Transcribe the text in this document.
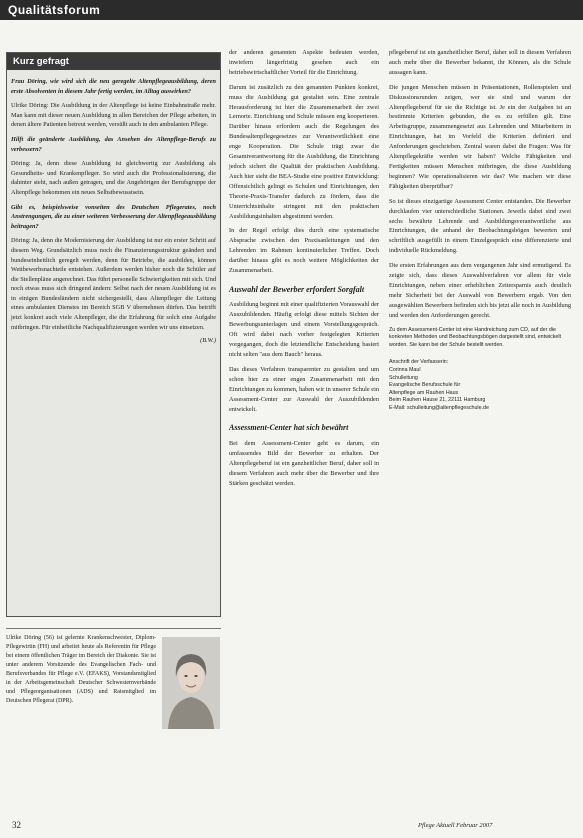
Qualitätsforum
Kurz gefragt

Frau Döring, wie wird sich die neu geregelte Altenpflegeausbildung, deren erste Absolventen in diesem Jahr fertig werden, im Alltag auswirken?

Ulrike Döring: Die Ausbildung in der Altenpflege ist keine Einbahnstraße mehr. Man kann mit dieser neuen Ausbildung in allen Bereichen der Pflege arbeiten, in denen ältere Patienten betreut werden, versüßt auch in den ambulanten Pflege.

Hilft die geänderte Ausbildung, das Ansehen des Altenpflege-Berufs zu verbessern?

Döring: Ja, denn diese Ausbildung ist gleichwertig zur Ausbildung als Gesundheits- und Krankenpfleger. So wird auch die Professionalisierung, die dahinter steht, nach außen getragen, und die Angehörigen der Berufsgruppe der Altenpflege bekommen ein neues Selbstbewusstsein.

Gibt es, beispielsweise vonseiten des Deutschen Pflegerates, noch Anstrengungen, die zu einer weiteren Verbesserung der Altenpflegeausbildung beitragen?

Döring: Ja, denn die Modernisierung der Ausbildung ist nur ein erster Schritt auf diesem Weg. Grundsätzlich muss noch die Finanzierungsstruktur geändert und bundeseinheitlich geregelt werden, denn für Betriebe, die ausbilden, können Wettbewerbsnachteile entstehen. Außerdem werden bisher noch die Schüler auf die Stellenpläne angerechnet. Das führt personelle Schwierigkeiten mit sich. Und noch etwas muss sich dringend ändern: Selbst nach der neuen Ausbildung ist es in einigen Bundesländern nicht sichergestellt, dass Altenpfleger die Leitung eines ambulanten Dienstes im Bereich SGB V übernehmen dürfen. Das betrifft jetzt konkret auch viele Altenpfleger, die die Erfahrung für solch eine Aufgabe mitbringen. Für einheitliche Nachqualifizierungen werden wir uns einsetzen.

(B.W.)
Ulrike Döring (56) ist gelernte Krankenschwester, Diplom-Pflegewirtin (FH) und arbeitet heute als Referentin für Pflege bei einem öffentlichen Träger im Bereich der Diakonie. Sie ist unter anderem Vorsitzende des Evangelischen Fach- und Berufsverbandes für Pflege e.V. (EFAKS), Vorstandsmitglied in der Arbeitsgemeinschaft Deutscher Schwesternverbände und Pflegeorganisationen (ADS) und Ratsmitglied im Deutschen Pflegerat (DPR).

der anderen genannten Aspekte bedeuten werden, inwiefern längerfristig gesehen auch ein betriebswirtschaftlicher Vorteil für die Einrichtung.

Darum ist zusätzlich zu den genannten Punkten konkret, muss die Ausbildung gut gestaltet sein. Eine zentrale Herausforderung ist hier die Zusammenarbeit der zwei Lernorte. Einrichtung und Schule müssen eng kooperieren. Darüber hinaus erfordern auch die Regelungen des Bundesaltenpflegegesetzes zur Verantwortlichkeit eine enge Kooperation. Die Schule trägt zwar die Gesamtverantwortung für die Ausbildung, die Einrichtung jedoch sichert die Qualität der praktischen Ausbildung. Auch hier sieht die BEA-Studie eine positive Entwicklung: Offensichtlich gelingt es Schulen und Einrichtungen, den Theorie-Praxis-Transfer dadurch zu fördern, dass die Unterrichtsinhalte stringent mit den praktischen Ausbildungsinhalten abgestimmt werden.

In der Regel erfolgt dies durch eine systematische Absprache zwischen den Praxisanleitungen und den Lehrenden im Rahmen kontinuierlicher Treffen. Doch darüber hinaus gibt es noch weitere Möglichkeiten der Zusammenarbeit.

Auswahl der Bewerber erfordert Sorgfalt

Ausbildung beginnt mit einer qualifizierten Vorauswahl der Auszubildenden. Häufig erfolgt diese mittels Sichten der Bewerbungsunterlagen und einem Vorstellungsgespräch. Oft wird dabei nach vorher festgelegten Kriterien vorgegangen, doch die letztendliche Entscheidung basiert nicht selten "aus dem Bauch" heraus.

Das dieses Verfahren transparenter zu gestalten und um schon hier zu einer engen Zusammenarbeit mit den Einrichtungen zu kommen, haben wir in unserer Schule ein Assessment-Center zur Auswahl der Auszubildenden entwickelt.

Assessment-Center hat sich bewährt

Bei dem Assessment-Center geht es darum, ein umfassendes Bild der Bewerber zu erhalten. Der Altenpflegeberuf ist ein ganzheitlicher Beruf, daher soll in diesem Verfahren auch mehr über die Bewerber und ihre Stärken geschätzt werden.

pflegeberuf ist ein ganzheitlicher Beruf, daher soll in diesem Verfahren auch mehr über die Bewerber bekannt, ihr Können, als die Schule aussagen kann.

Die jungen Menschen müssen in Präsentationen, Rollenspielen und Diskussionsrunden zeigen, wer sie sind und warum der Altenpflegeberuf für sie die Richtige ist. Je ein der Aufgaben ist an bestimmte Kriterien gebunden, die es zu erfüllen gilt. Eine Arbeitsgruppe, zusammengesetzt aus Lehrenden und Mitarbeitern in Einrichtungen, hat im Vorfeld die Kriterien definiert und Anforderungen geschrieben. Zentral waren dabei die Fragen: Was für Altenpflegekräfte werden wir haben? Welche Fähigkeiten und Fertigkeiten müssen Menschen mitbringen, die diese Ausbildung beginnen? Wie operationalisieren wir das? Wie machen wir diese Fähigkeiten überprüfbar?

So ist dieses einzigartige Assessment Center entstanden. Die Bewerber durchlaufen vier unterschiedliche Stationen. Jeweils dabei sind zwei sechs bewährte Lehrende und Ausbildungsverantwortliche aus Einrichtungen, die anhand der Beobachtungsbögen bewerten und schriftlich ausgefüllt in einem Einzelgespräch eine differenzierte und individuelle Rückmeldung.

Die ersten Erfahrungen aus dem vergangenen Jahr sind ermutigend. Es zeigte sich, dass dieses Auswahlverfahren vor allem für viele Einrichtungen, neben einer erheblichen Zeitersparnis auch deutlich mehr Sicherheit bei der Auswahl von Bewerbern ergab. Von den ausgewählten Bewerbern befinden sich bis jetzt alle noch in Ausbildung und werden den Anforderungen gerecht.

Zu dem Assessment-Center ist eine Handreichung zum CD, auf der die konkreten Methoden und Beobachtungsbögen dargestellt sind, entwickelt worden. Sie kann bei der Schule bestellt werden.
Anschrift der Verfasserin:
Corinna Maul
Schulleitung
Evangelische Berufsschule für
Altenpflege am Rauhen Haus
Beim Rauhen Hause 21, 22111 Hamburg
E-Mail: schulleitung@altenpflegeschule.de
32	Pflege Aktuell Februar 2007
